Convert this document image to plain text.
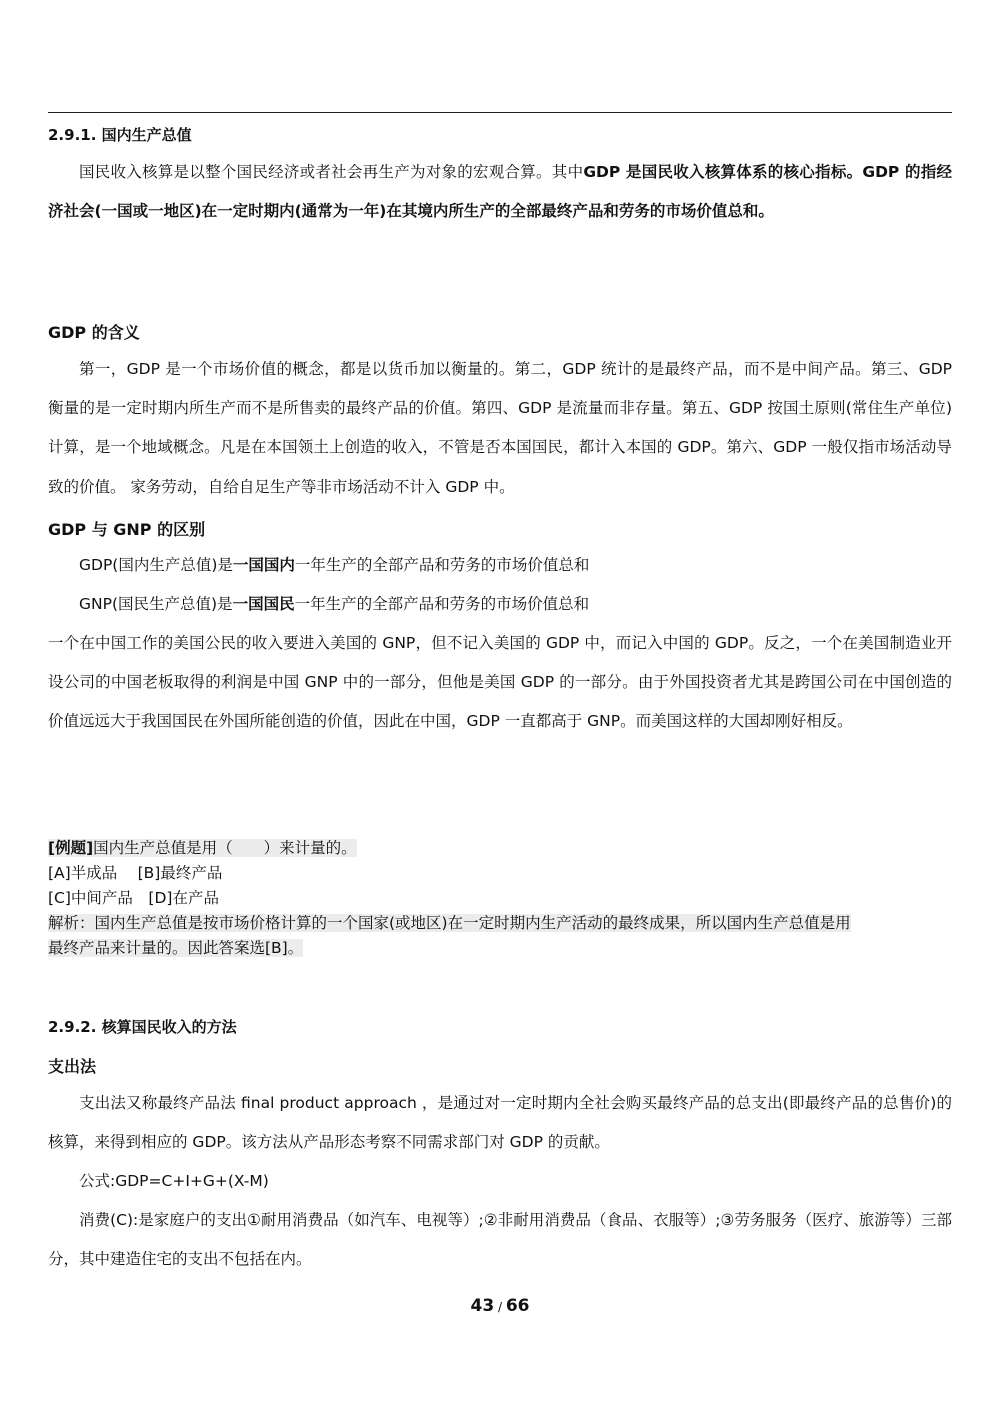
2.9.1. 国内生产总值

国民收入核算是以整个国民经济或者社会再生产为对象的宏观合算。其中GDP 是国民收入核算体系的核心指标。GDP 的指经济社会(一国或一地区)在一定时期内(通常为一年)在其境内所生产的全部最终产品和劳务的市场价值总和。

GDP 的含义

第一，GDP 是一个市场价值的概念，都是以货币加以衡量的。第二，GDP 统计的是最终产品，而不是中间产品。第三、GDP 衡量的是一定时期内所生产而不是所售卖的最终产品的价值。第四、GDP 是流量而非存量。第五、GDP 按国土原则(常住生产单位)计算，是一个地域概念。凡是在本国领土上创造的收入，不管是否本国国民，都计入本国的 GDP。第六、GDP 一般仅指市场活动导致的价值。 家务劳动，自给自足生产等非市场活动不计入 GDP 中。

GDP 与 GNP 的区别

GDP(国内生产总值)是一国国内一年生产的全部产品和劳务的市场价值总和

GNP(国民生产总值)是一国国民一年生产的全部产品和劳务的市场价值总和

一个在中国工作的美国公民的收入要进入美国的 GNP，但不记入美国的 GDP 中，而记入中国的 GDP。反之，一个在美国制造业开设公司的中国老板取得的利润是中国 GNP 中的一部分，但他是美国 GDP 的一部分。由于外国投资者尤其是跨国公司在中国创造的价值远远大于我国国民在外国所能创造的价值，因此在中国，GDP 一直都高于 GNP。而美国这样的大国却刚好相反。

[例题]国内生产总值是用（　　）来计量的。
[A]半成品　 [B]最终产品
[C]中间产品　[D]在产品
解析：国内生产总值是按市场价格计算的一个国家(或地区)在一定时期内生产活动的最终成果，所以国内生产总值是用
最终产品来计量的。因此答案选[B]。
2.9.2. 核算国民收入的方法
支出法

支出法又称最终产品法 final product approach ，是通过对一定时期内全社会购买最终产品的总支出(即最终产品的总售价)的核算，来得到相应的 GDP。该方法从产品形态考察不同需求部门对 GDP 的贡献。

公式:GDP=C+I+G+(X-M)

消费(C):是家庭户的支出①耐用消费品（如汽车、电视等）;②非耐用消费品（食品、衣服等）;③劳务服务（医疗、旅游等）三部分，其中建造住宅的支出不包括在内。

43 / 66
